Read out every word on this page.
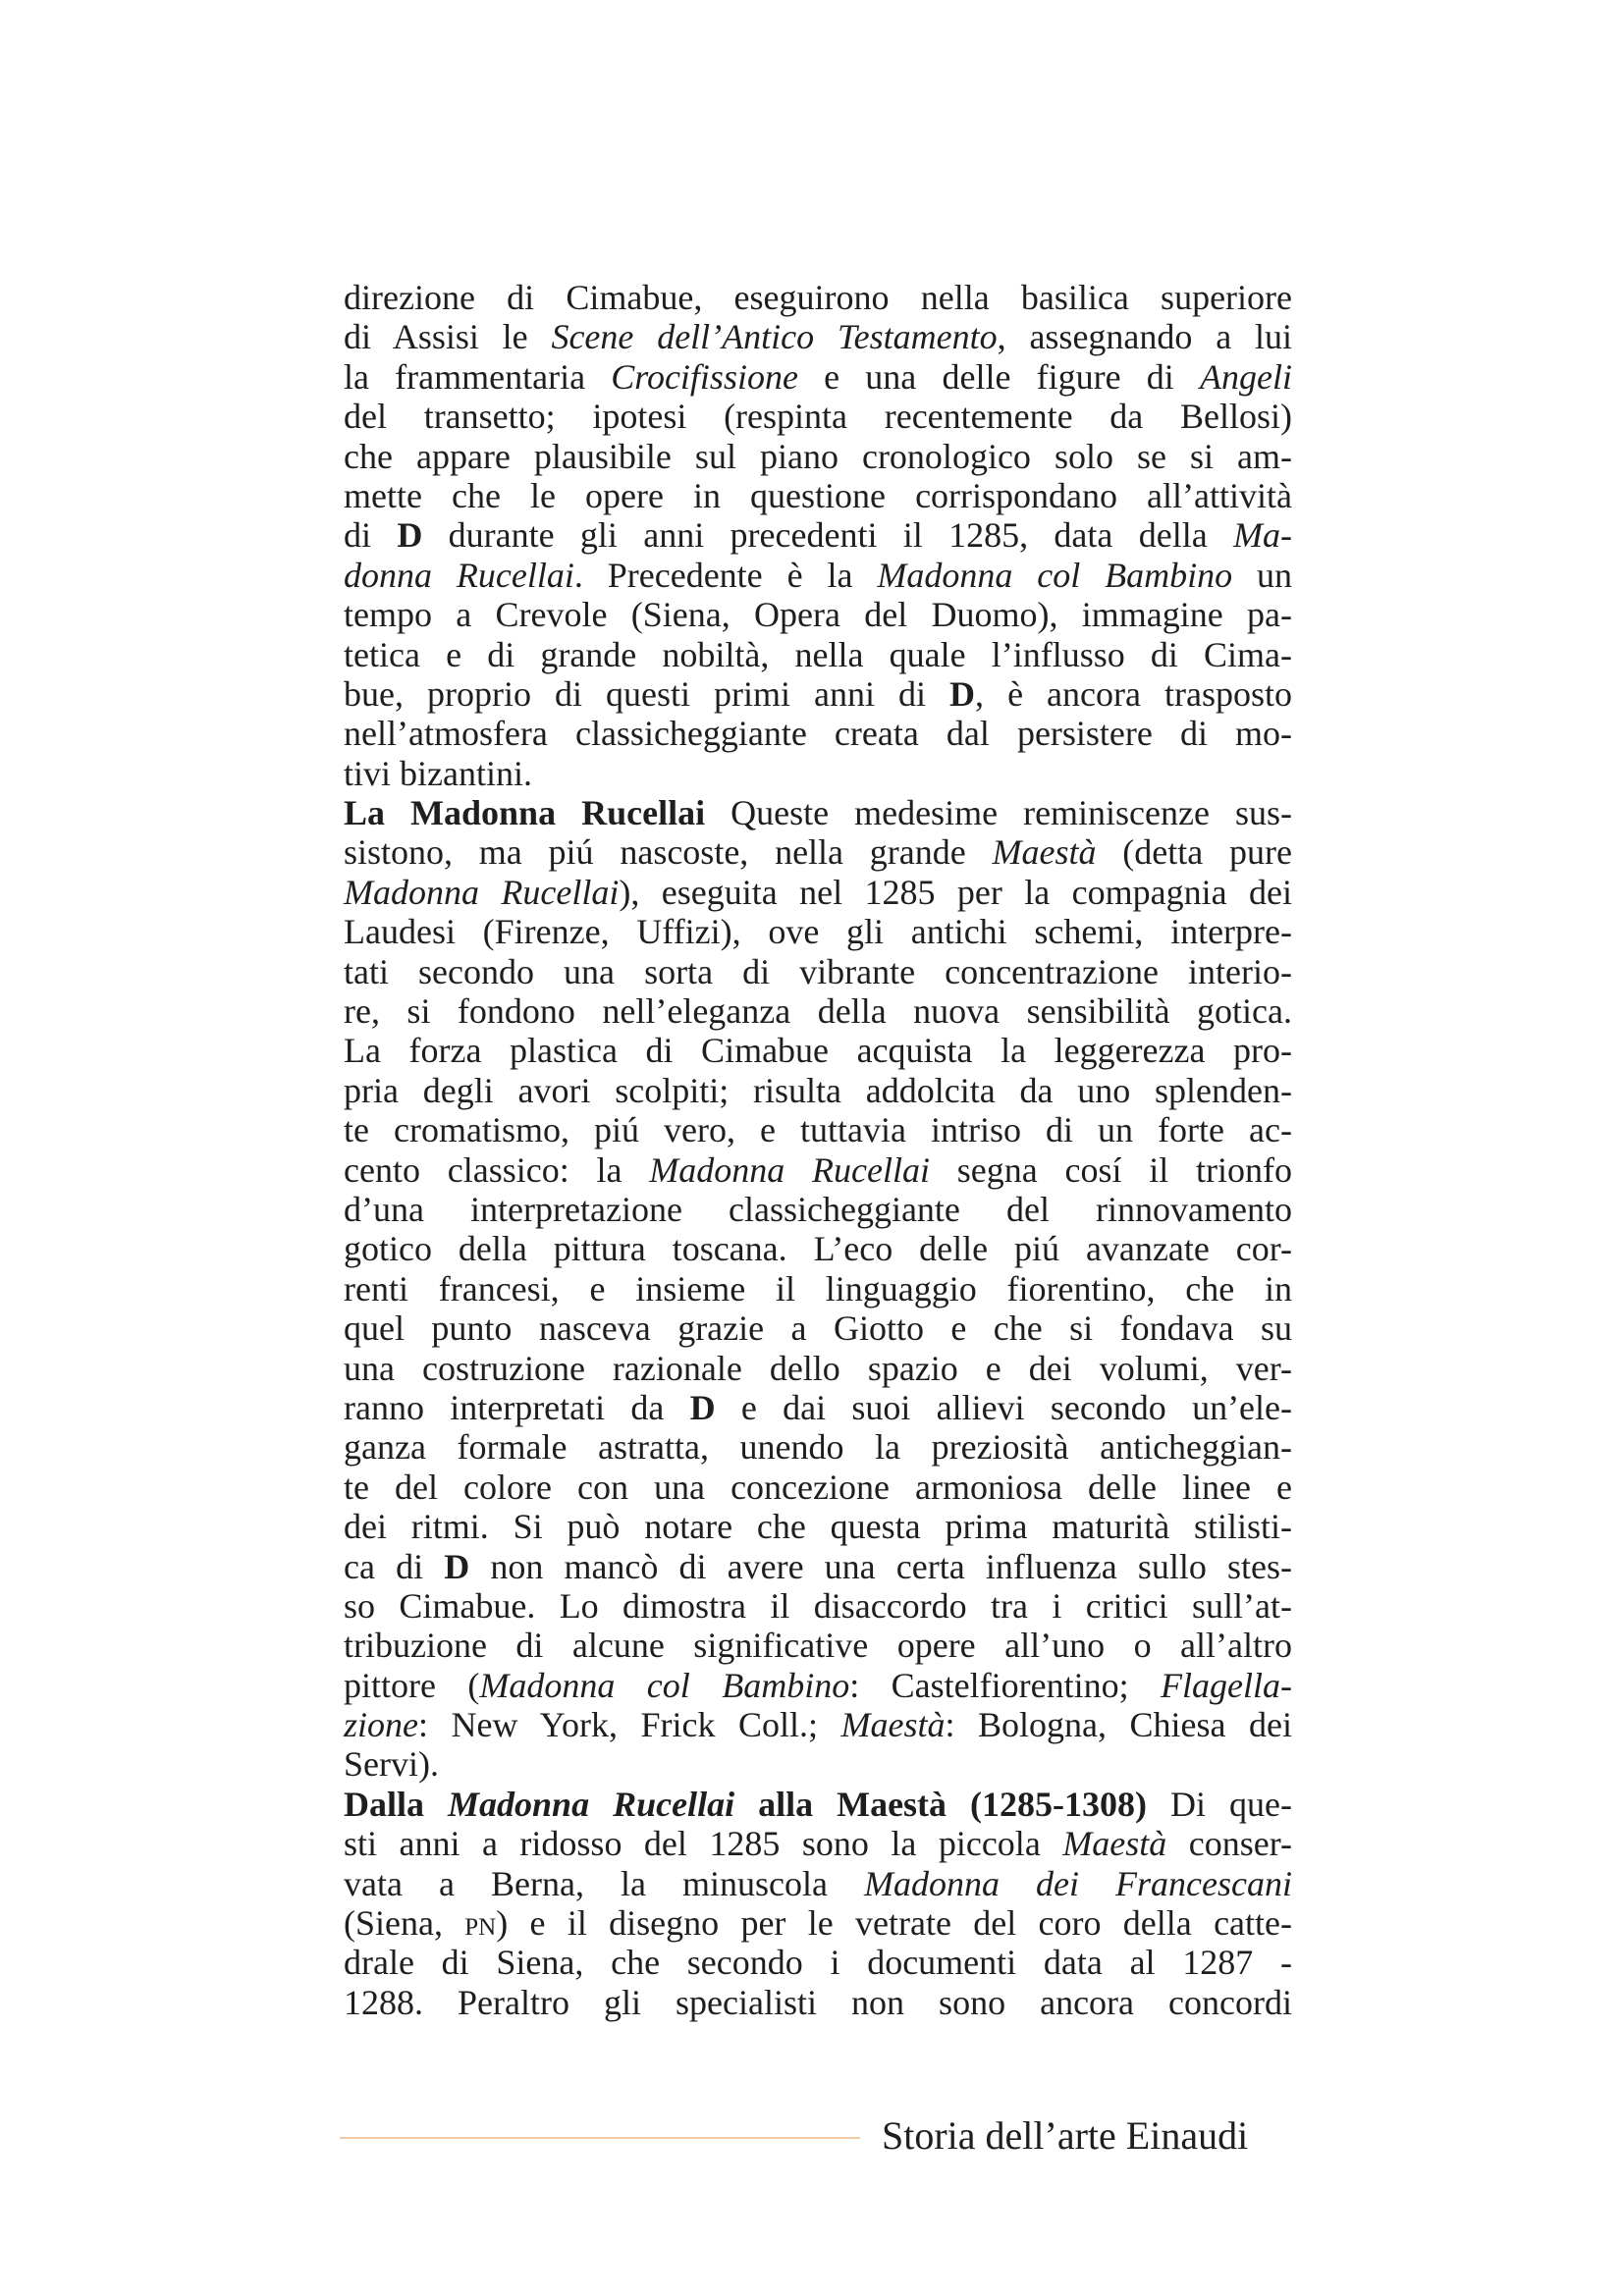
direzione di Cimabue, eseguirono nella basilica superiore
di Assisi le Scene dell’Antico Testamento, assegnando a lui
la frammentaria Crocifissione e una delle figure di Angeli
del transetto; ipotesi (respinta recentemente da Bellosi)
che appare plausibile sul piano cronologico solo se si am-
mette che le opere in questione corrispondano all’attività
di D durante gli anni precedenti il 1285, data della Ma-
donna Rucellai. Precedente è la Madonna col Bambino un
tempo a Crevole (Siena, Opera del Duomo), immagine pa-
tetica e di grande nobiltà, nella quale l’influsso di Cima-
bue, proprio di questi primi anni di D, è ancora trasposto
nell’atmosfera classicheggiante creata dal persistere di mo-
tivi bizantini.
La Madonna Rucellai Queste medesime reminiscenze sus-
sistono, ma piú nascoste, nella grande Maestà (detta pure
Madonna Rucellai), eseguita nel 1285 per la compagnia dei
Laudesi (Firenze, Uffizi), ove gli antichi schemi, interpre-
tati secondo una sorta di vibrante concentrazione interio-
re, si fondono nell’eleganza della nuova sensibilità gotica.
La forza plastica di Cimabue acquista la leggerezza pro-
pria degli avori scolpiti; risulta addolcita da uno splenden-
te cromatismo, piú vero, e tuttavia intriso di un forte ac-
cento classico: la Madonna Rucellai segna cosí il trionfo
d’una interpretazione classicheggiante del rinnovamento
gotico della pittura toscana. L’eco delle piú avanzate cor-
renti francesi, e insieme il linguaggio fiorentino, che in
quel punto nasceva grazie a Giotto e che si fondava su
una costruzione razionale dello spazio e dei volumi, ver-
ranno interpretati da D e dai suoi allievi secondo un’ele-
ganza formale astratta, unendo la preziosità anticheggian-
te del colore con una concezione armoniosa delle linee e
dei ritmi. Si può notare che questa prima maturità stilisti-
ca di D non mancò di avere una certa influenza sullo stes-
so Cimabue. Lo dimostra il disaccordo tra i critici sull’at-
tribuzione di alcune significative opere all’uno o all’altro
pittore (Madonna col Bambino: Castelfiorentino; Flagella-
zione: New York, Frick Coll.; Maestà: Bologna, Chiesa dei
Servi).
Dalla Madonna Rucellai alla Maestà (1285-1308) Di que-
sti anni a ridosso del 1285 sono la piccola Maestà conser-
vata a Berna, la minuscola Madonna dei Francescani
(Siena, pn) e il disegno per le vetrate del coro della catte-
drale di Siena, che secondo i documenti data al 1287 -
1288. Peraltro gli specialisti non sono ancora concordi
Storia dell’arte Einaudi
